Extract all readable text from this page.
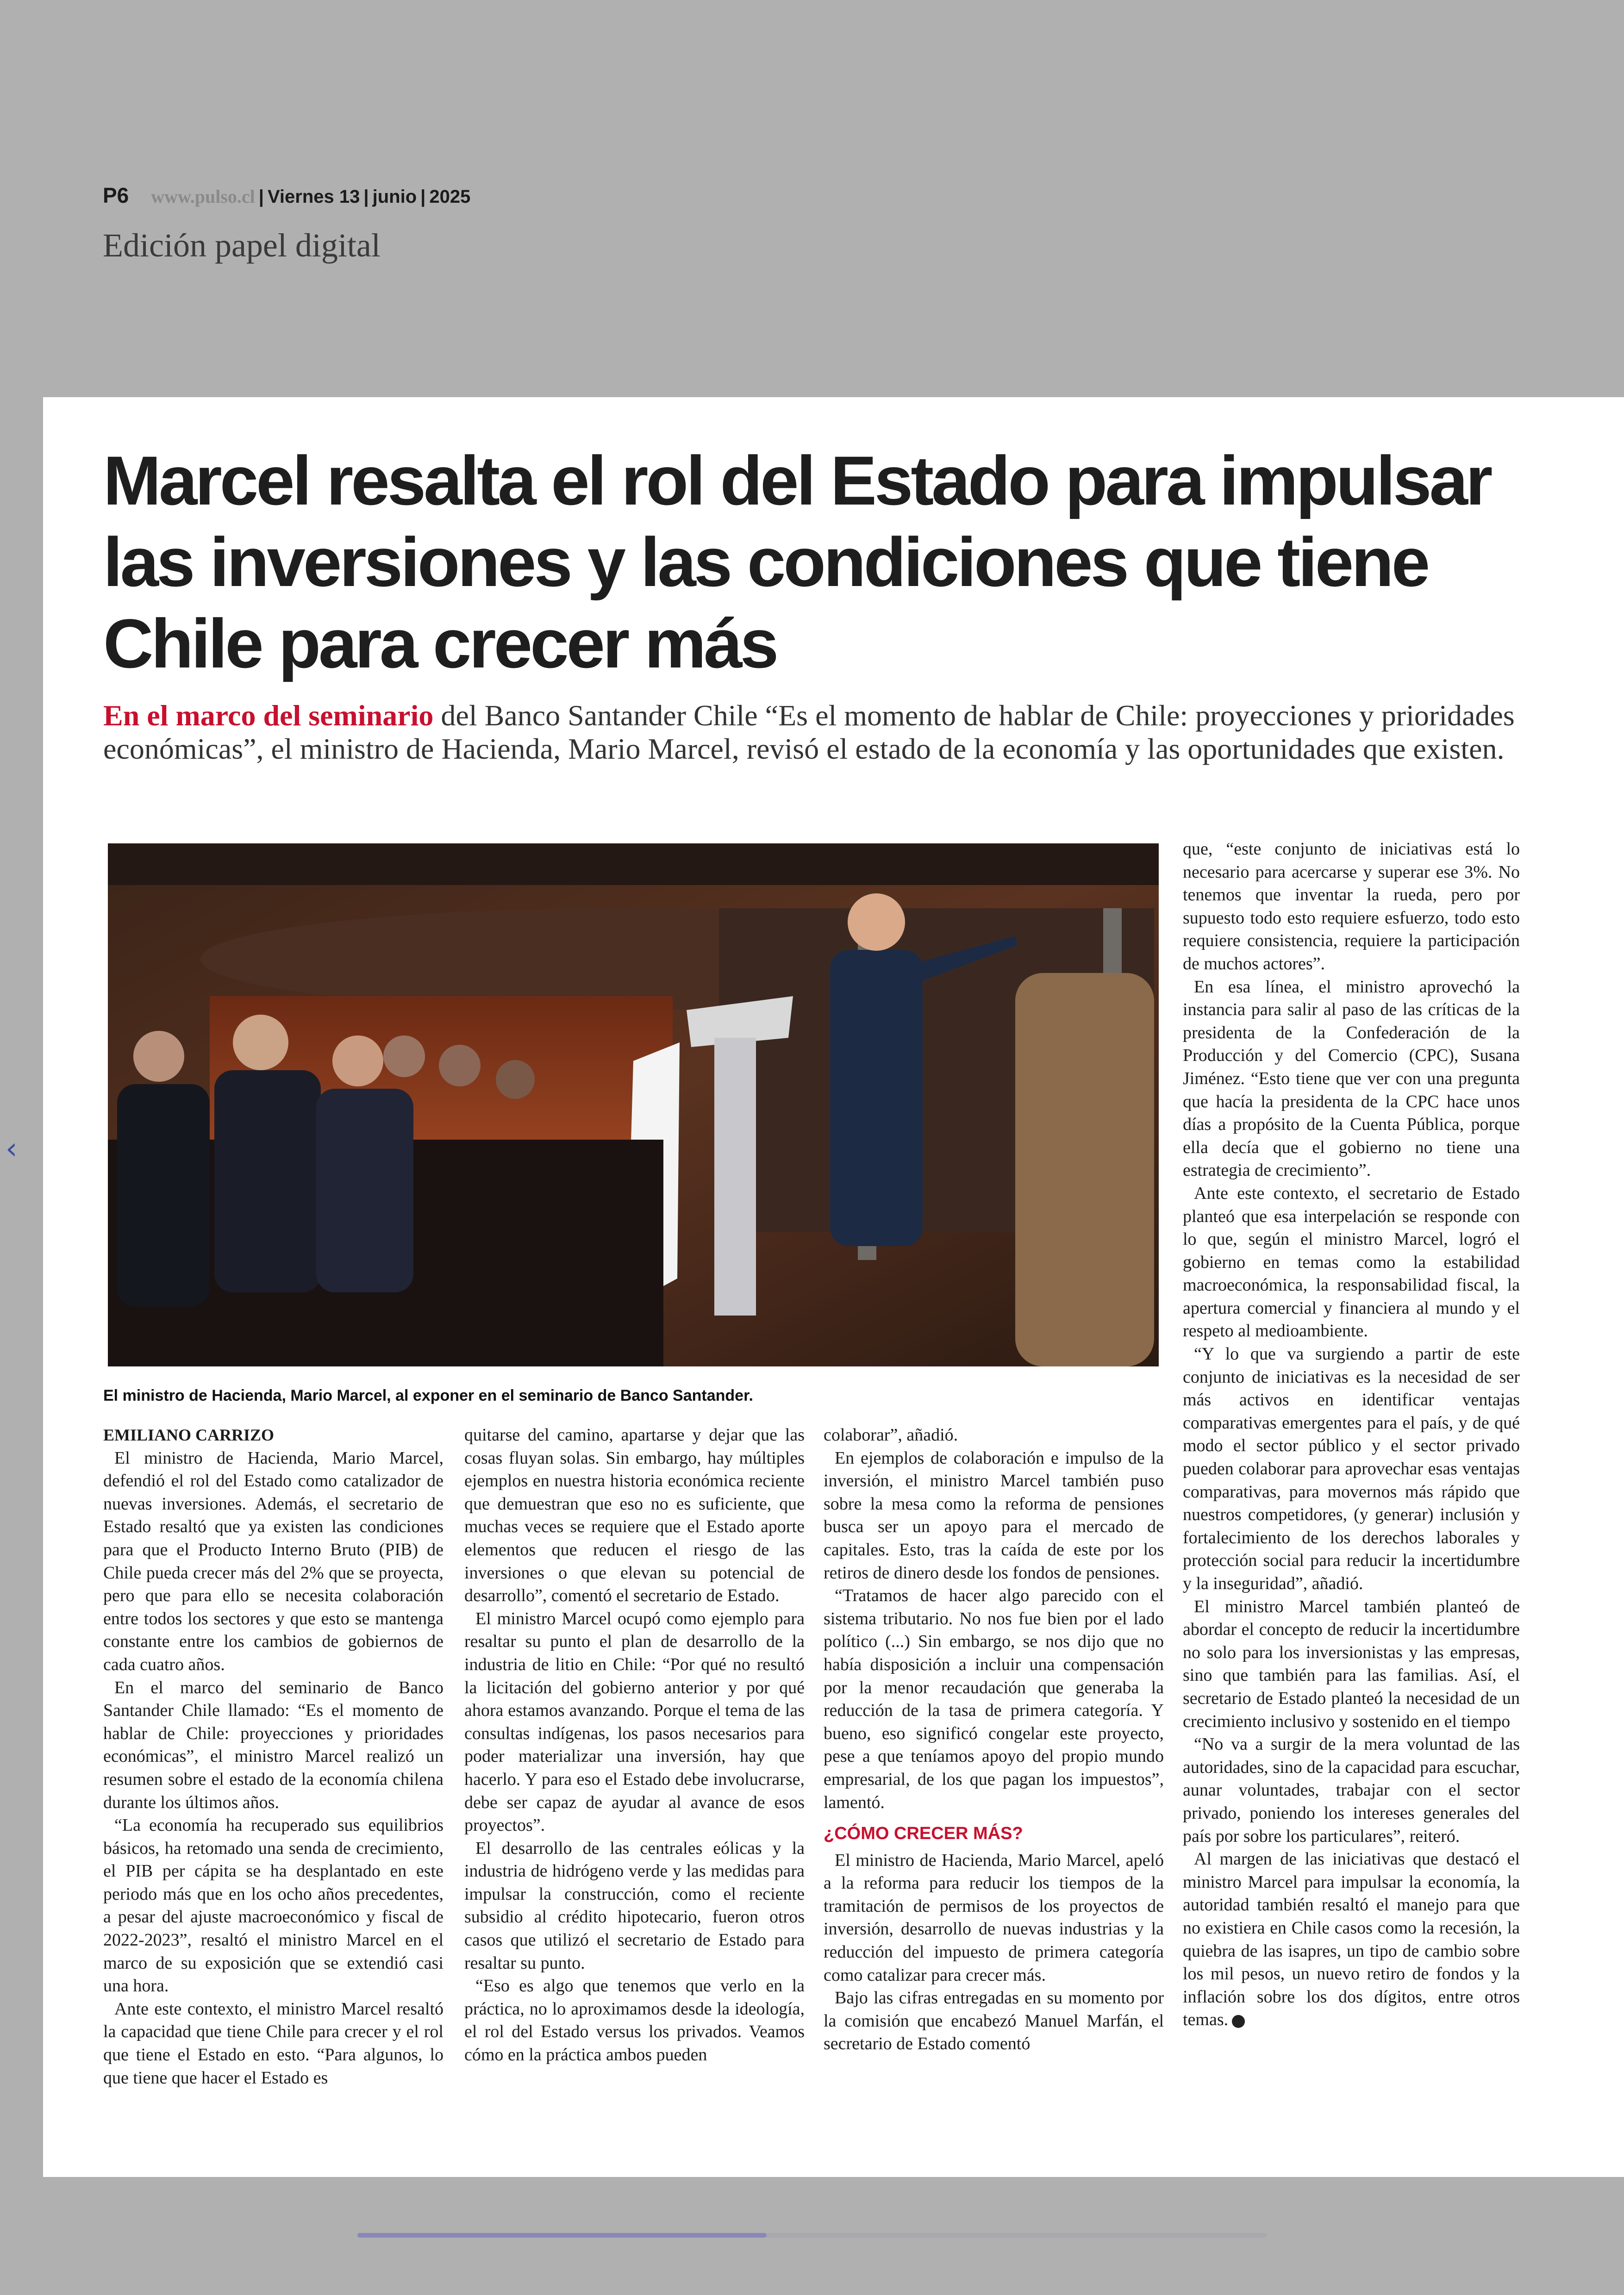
P6 www.pulso.cl | Viernes 13 | junio | 2025
Edición papel digital
‹
Marcel resalta el rol del Estado para impulsar las inversiones y las condiciones que tiene Chile para crecer más

En el marco del seminario del Banco Santander Chile “Es el momento de hablar de Chile: proyecciones y prioridades económicas”, el ministro de Hacienda, Mario Marcel, revisó el estado de la economía y las oportunidades que existen.

El ministro de Hacienda, Mario Marcel, al exponer en el seminario de Banco Santander.
EMILIANO CARRIZO

El ministro de Hacienda, Mario Marcel, defendió el rol del Estado como catalizador de nuevas inversiones. Además, el secretario de Estado resaltó que ya existen las condiciones para que el Producto Interno Bruto (PIB) de Chile pueda crecer más del 2% que se proyecta, pero que para ello se necesita colaboración entre todos los sectores y que esto se mantenga constante entre los cambios de gobiernos de cada cuatro años.

En el marco del seminario de Banco Santander Chile llamado: “Es el momento de hablar de Chile: proyecciones y prioridades económicas”, el ministro Marcel realizó un resumen sobre el estado de la economía chilena durante los últimos años.

“La economía ha recuperado sus equilibrios básicos, ha retomado una senda de crecimiento, el PIB per cápita se ha desplantado en este periodo más que en los ocho años precedentes, a pesar del ajuste macroeconómico y fiscal de 2022-2023”, resaltó el ministro Marcel en el marco de su exposición que se extendió casi una hora.

Ante este contexto, el ministro Marcel resaltó la capacidad que tiene Chile para crecer y el rol que tiene el Estado en esto. “Para algunos, lo que tiene que hacer el Estado es

quitarse del camino, apartarse y dejar que las cosas fluyan solas. Sin embargo, hay múltiples ejemplos en nuestra historia económica reciente que demuestran que eso no es suficiente, que muchas veces se requiere que el Estado aporte elementos que reducen el riesgo de las inversiones o que elevan su potencial de desarrollo”, comentó el secretario de Estado.

El ministro Marcel ocupó como ejemplo para resaltar su punto el plan de desarrollo de la industria de litio en Chile: “Por qué no resultó la licitación del gobierno anterior y por qué ahora estamos avanzando. Porque el tema de las consultas indígenas, los pasos necesarios para poder materializar una inversión, hay que hacerlo. Y para eso el Estado debe involucrarse, debe ser capaz de ayudar al avance de esos proyectos”.

El desarrollo de las centrales eólicas y la industria de hidrógeno verde y las medidas para impulsar la construcción, como el reciente subsidio al crédito hipotecario, fueron otros casos que utilizó el secretario de Estado para resaltar su punto.

“Eso es algo que tenemos que verlo en la práctica, no lo aproximamos desde la ideología, el rol del Estado versus los privados. Veamos cómo en la práctica ambos pueden

colaborar”, añadió.

En ejemplos de colaboración e impulso de la inversión, el ministro Marcel también puso sobre la mesa como la reforma de pensiones busca ser un apoyo para el mercado de capitales. Esto, tras la caída de este por los retiros de dinero desde los fondos de pensiones.

“Tratamos de hacer algo parecido con el sistema tributario. No nos fue bien por el lado político (...) Sin embargo, se nos dijo que no había disposición a incluir una compensación por la menor recaudación que generaba la reducción de la tasa de primera categoría. Y bueno, eso significó congelar este proyecto, pese a que teníamos apoyo del propio mundo empresarial, de los que pagan los impuestos”, lamentó.

¿CÓMO CRECER MÁS?

El ministro de Hacienda, Mario Marcel, apeló a la reforma para reducir los tiempos de la tramitación de permisos de los proyectos de inversión, desarrollo de nuevas industrias y la reducción del impuesto de primera categoría como catalizar para crecer más.

Bajo las cifras entregadas en su momento por la comisión que encabezó Manuel Marfán, el secretario de Estado comentó

que, “este conjunto de iniciativas está lo necesario para acercarse y superar ese 3%. No tenemos que inventar la rueda, pero por supuesto todo esto requiere esfuerzo, todo esto requiere consistencia, requiere la participación de muchos actores”.

En esa línea, el ministro aprovechó la instancia para salir al paso de las críticas de la presidenta de la Confederación de la Producción y del Comercio (CPC), Susana Jiménez. “Esto tiene que ver con una pregunta que hacía la presidenta de la CPC hace unos días a propósito de la Cuenta Pública, porque ella decía que el gobierno no tiene una estrategia de crecimiento”.

Ante este contexto, el secretario de Estado planteó que esa interpelación se responde con lo que, según el ministro Marcel, logró el gobierno en temas como la estabilidad macroeconómica, la responsabilidad fiscal, la apertura comercial y financiera al mundo y el respeto al medioambiente.

“Y lo que va surgiendo a partir de este conjunto de iniciativas es la necesidad de ser más activos en identificar ventajas comparativas emergentes para el país, y de qué modo el sector público y el sector privado pueden colaborar para aprovechar esas ventajas comparativas, para movernos más rápido que nuestros competidores, (y generar) inclusión y fortalecimiento de los derechos laborales y protección social para reducir la incertidumbre y la inseguridad”, añadió.

El ministro Marcel también planteó de abordar el concepto de reducir la incertidumbre no solo para los inversionistas y las empresas, sino que también para las familias. Así, el secretario de Estado planteó la necesidad de un crecimiento inclusivo y sostenido en el tiempo

“No va a surgir de la mera voluntad de las autoridades, sino de la capacidad para escuchar, aunar voluntades, trabajar con el sector privado, poniendo los intereses generales del país por sobre los particulares”, reiteró.

Al margen de las iniciativas que destacó el ministro Marcel para impulsar la economía, la autoridad también resaltó el manejo para que no existiera en Chile casos como la recesión, la quiebra de las isapres, un tipo de cambio sobre los mil pesos, un nuevo retiro de fondos y la inflación sobre los dos dígitos, entre otros temas.
